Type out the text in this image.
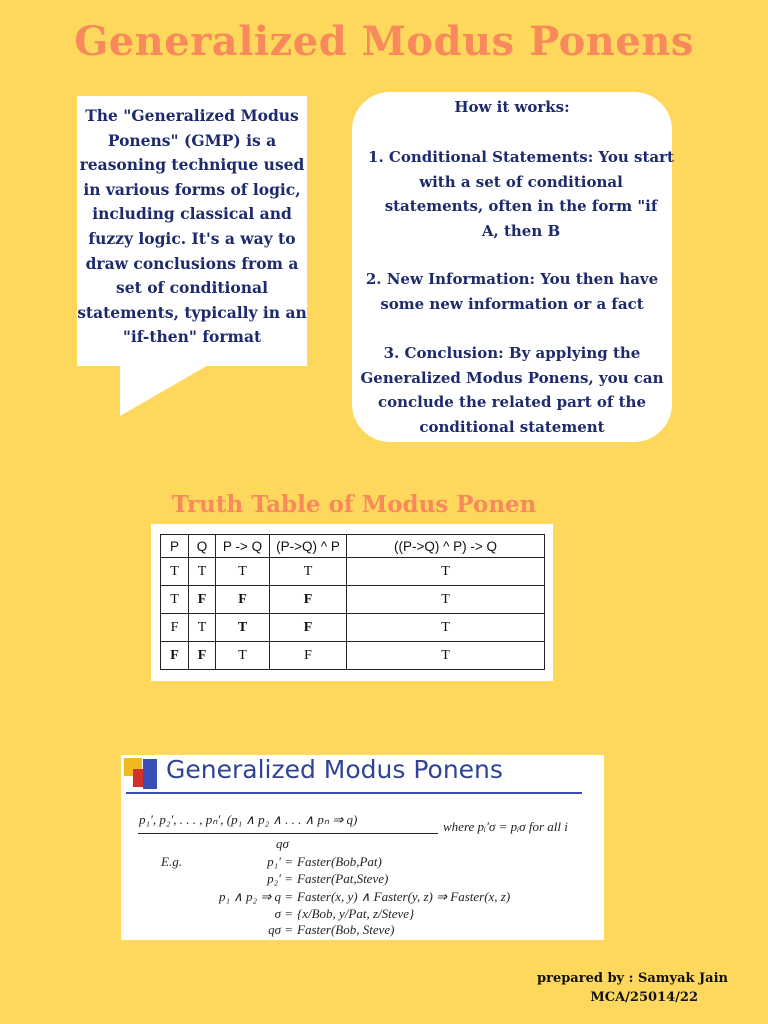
Generalized Modus Ponens
The "Generalized Modus
Ponens" (GMP) is a
reasoning technique used
in various forms of logic,
including classical and
fuzzy logic. It's a way to
draw conclusions from a
set of conditional
statements, typically in an
"if-then" format
How it works:
1. Conditional Statements: You start
with a set of conditional
statements, often in the form "if
A, then B
2. New Information: You then have
some new information or a fact
3. Conclusion: By applying the
Generalized Modus Ponens, you can
conclude the related part of the
conditional statement
Truth Table of Modus Ponen
P	Q	P -> Q	(P->Q) ^ P	((P->Q) ^ P) -> Q
T	T	T	T	T
T	F	F	F	T
F	T	T	F	T
F	F	T	F	T
Generalized Modus Ponens
p₁′, p₂′, . . . , pₙ′, (p₁ ∧ p₂ ∧ . . . ∧ pₙ ⇒ q)
qσ
where pᵢ′σ = pᵢσ for all i
E.g.	p₁′ = Faster(Bob,Pat)
p₂′ = Faster(Pat,Steve)
p₁ ∧ p₂ ⇒ q = Faster(x, y) ∧ Faster(y, z) ⇒ Faster(x, z)
σ = {x/Bob, y/Pat, z/Steve}
qσ = Faster(Bob, Steve)
prepared by : Samyak Jain
MCA/25014/22
